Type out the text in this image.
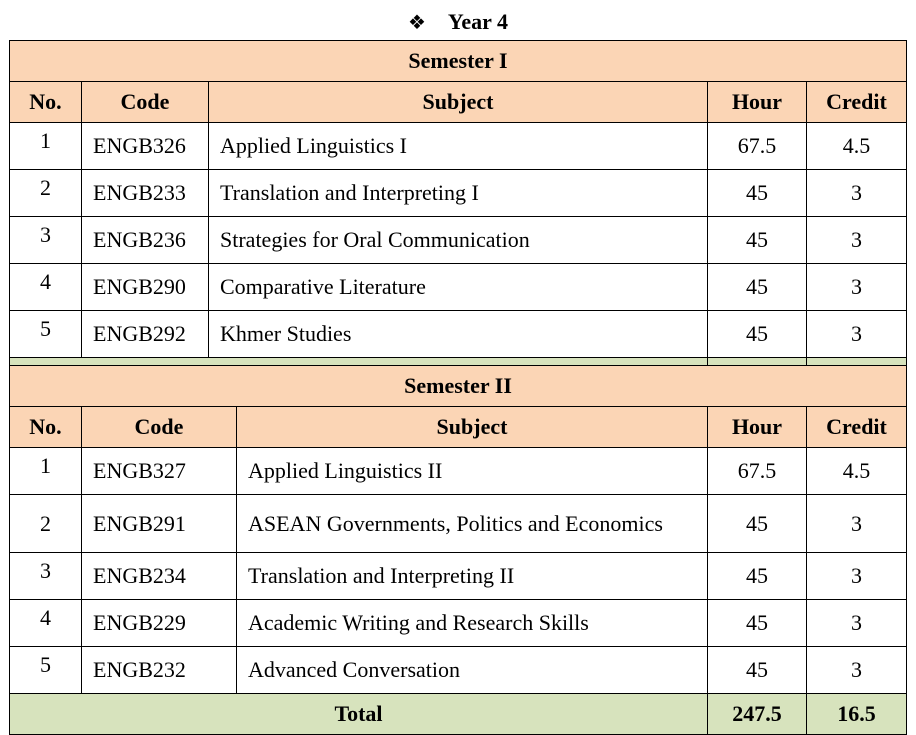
❖ Year 4
Semester I				
No.	Code	Subject	Hour	Credit
1	ENGB326	Applied Linguistics I	67.5	4.5
2	ENGB233	Translation and Interpreting I	45	3
3	ENGB236	Strategies for Oral Communication	45	3
4	ENGB290	Comparative Literature	45	3
5	ENGB292	Khmer Studies	45	3

Semester II				
No.	Code	Subject	Hour	Credit
1	ENGB327	Applied Linguistics II	67.5	4.5
2	ENGB291	ASEAN Governments, Politics and Economics	45	3
3	ENGB234	Translation and Interpreting II	45	3
4	ENGB229	Academic Writing and Research Skills	45	3
5	ENGB232	Advanced Conversation	45	3
Total			247.5	16.5
